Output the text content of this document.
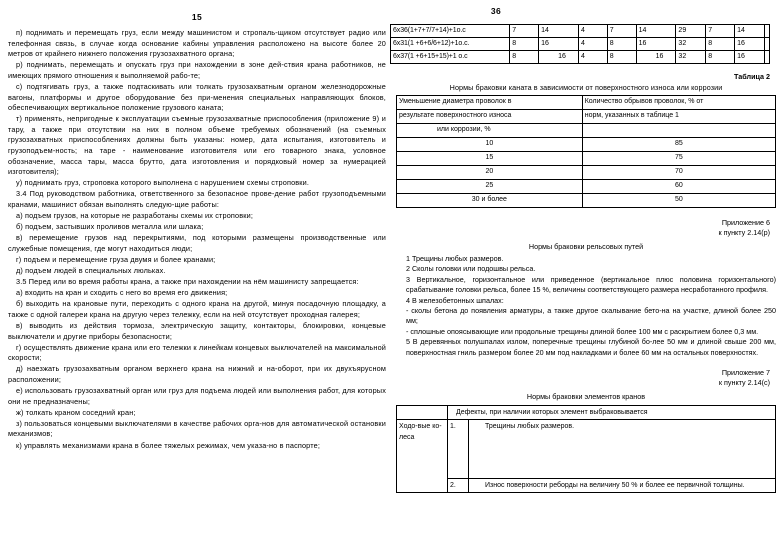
15

п) поднимать и перемещать груз, если между машинистом и стропаль-щиком отсутствует радио или телефонная связь, в случае когда основание кабины управления расположено на высоте более 20 метров от крайнего нижнего положения грузозахватного органа;

р) поднимать, перемещать и опускать груз при нахождении в зоне дей-ствия крана работников, не имеющих прямого отношения к выполняемой рабо-те;

с) подтягивать груз, а также подтаскивать или толкать грузозахватным органом железнодорожные вагоны, платформы и другое оборудование без при-менения специальных направляющих блоков, обеспечивающих вертикальное положение грузового каната;

т) применять, непригодные к эксплуатации съемные грузозахватные приспособления (приложение 9) и тару, а также при отсутствии на них в полном объеме требуемых обозначений (на съемных грузозахватных приспособлениях должны быть указаны: номер, дата испытания, изготовитель и грузоподъем-ность; на таре - наименование изготовителя или его товарного знака, условное обозначение, масса тары, масса брутто, дата изготовления и порядковый номер за нумерацией изготовителя);

у) поднимать груз, строповка которого выполнена с нарушением схемы строповки.

3.4 Под руководством работника, ответственного за безопасное прове-дение работ грузоподъемными кранами, машинист обязан выполнять следую-щие работы:

а) подъем грузов, на которые не разработаны схемы их строповки;

б) подъем, застывших проливов металла или шлака;

в) перемещение грузов над перекрытиями, под которыми размещены производственные или служебные помещения, где могут находиться люди;

г) подъем и перемещение груза двумя и более кранами;

д) подъем людей в специальных люльках.

3.5 Перед или во время работы крана, а также при нахождении на нём машинисту запрещается:

а) входить на кран и сходить с него во время его движения;

б) выходить на крановые пути, переходить с одного крана на другой, минуя посадочную площадку, а также с одной галереи крана на другую через тележку, если на ней отсутствует проходная галерея;

в) выводить из действия тормоза, электрическую защиту, контакторы, блокировки, концевые выключатели и другие приборы безопасности;

г) осуществлять движение крана или его тележки к линейкам концевых выключателей на максимальной скорости;

д) наезжать грузозахватным органом верхнего крана на нижний и на-оборот, при их двухъярусном расположении;

е) использовать грузозахватный орган или груз для подъема людей или выполнения работ, для которых они не предназначены;

ж) толкать краном соседний кран;

з) пользоваться концевыми выключателями в качестве рабочих орга-нов для автоматической остановки механизмов;

к) управлять механизмами крана в более тяжелых режимах, чем указа-но в паспорте;

36
6х36(1+7+7/7+14)+1о.с	7	14	4	7	14	29	7	14	
6х31(1 +6+6/6+12)+1о.с.	8	16	4	8	16	32	8	16	
6х37(1 +6+15+15)+1 о.с	8	16	4	8	16	32	8	16	
Таблица 2
Нормы браковки каната в зависимости от поверхностного износа или коррозии
Уменьшение диаметра проволок в	Количество обрывов проволок, % от
результате поверхностного износа	норм, указанных в таблице 1
или коррозии, %	
10	85
15	75
20	70
25	60
30 и более	50
Приложение 6
к пункту 2.14(р)
Нормы браковки рельсовых путей

1 Трещины любых размеров.

2 Сколы головки или подошвы рельса.

3 Вертикальное, горизонтальное или приведенное (вертикальное плюс половина горизонтального) срабатывание головки рельса, более 15 %, величины соответствующего размера несработанного профиля.

4 В железобетонных шпалах:

- сколы бетона до появления арматуры, а также другое скалывание бето-на на участке, длиной более 250 мм;

- сплошные опоясывающие или продольные трещины длиной более 100 мм с раскрытием более 0,3 мм.

5 В деревянных полушпалах излом, поперечные трещины глубиной бо-лее 50 мм и длиной свыше 200 мм, поверхностная гниль размером более 20 мм под накладками и более 60 мм на остальных поверхностях.

Приложение 7
к пункту 2.14(с)
Нормы браковки элементов кранов
	Дефекты, при наличии которых элемент выбраковывается	
Ходо-вые ко-леса	1.	Трещины любых размеров.
	2.	Износ поверхности реборды на величину 50 % и более ее первичной толщины.
